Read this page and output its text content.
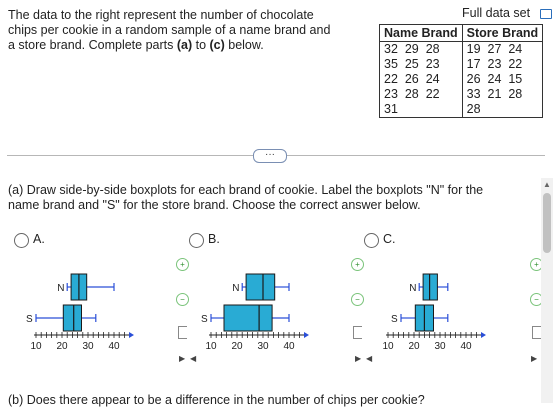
The data to the right represent the number of chocolate
chips per cookie in a random sample of a name brand and
a store brand. Complete parts (a) to (c) below.
Full data set
Name Brand	Store Brand
32  29  28	19  27  24
35  25  23	17  23  22
22  26  24	26  24  15
23  28  22	33  21  28
31	28
···
(a) Draw side-by-side boxplots for each brand of cookie. Label the boxplots "N" for the
name brand and "S" for the store brand. Choose the correct answer below.
A.	B.	C.
10 20 30 40
N
S
10 20 30 40
N
S
10 20 30 40
N
S
+
−
+
−
+
−
▶ ◀	▶ ◀	▶
▲
(b) Does there appear to be a difference in the number of chips per cookie?
